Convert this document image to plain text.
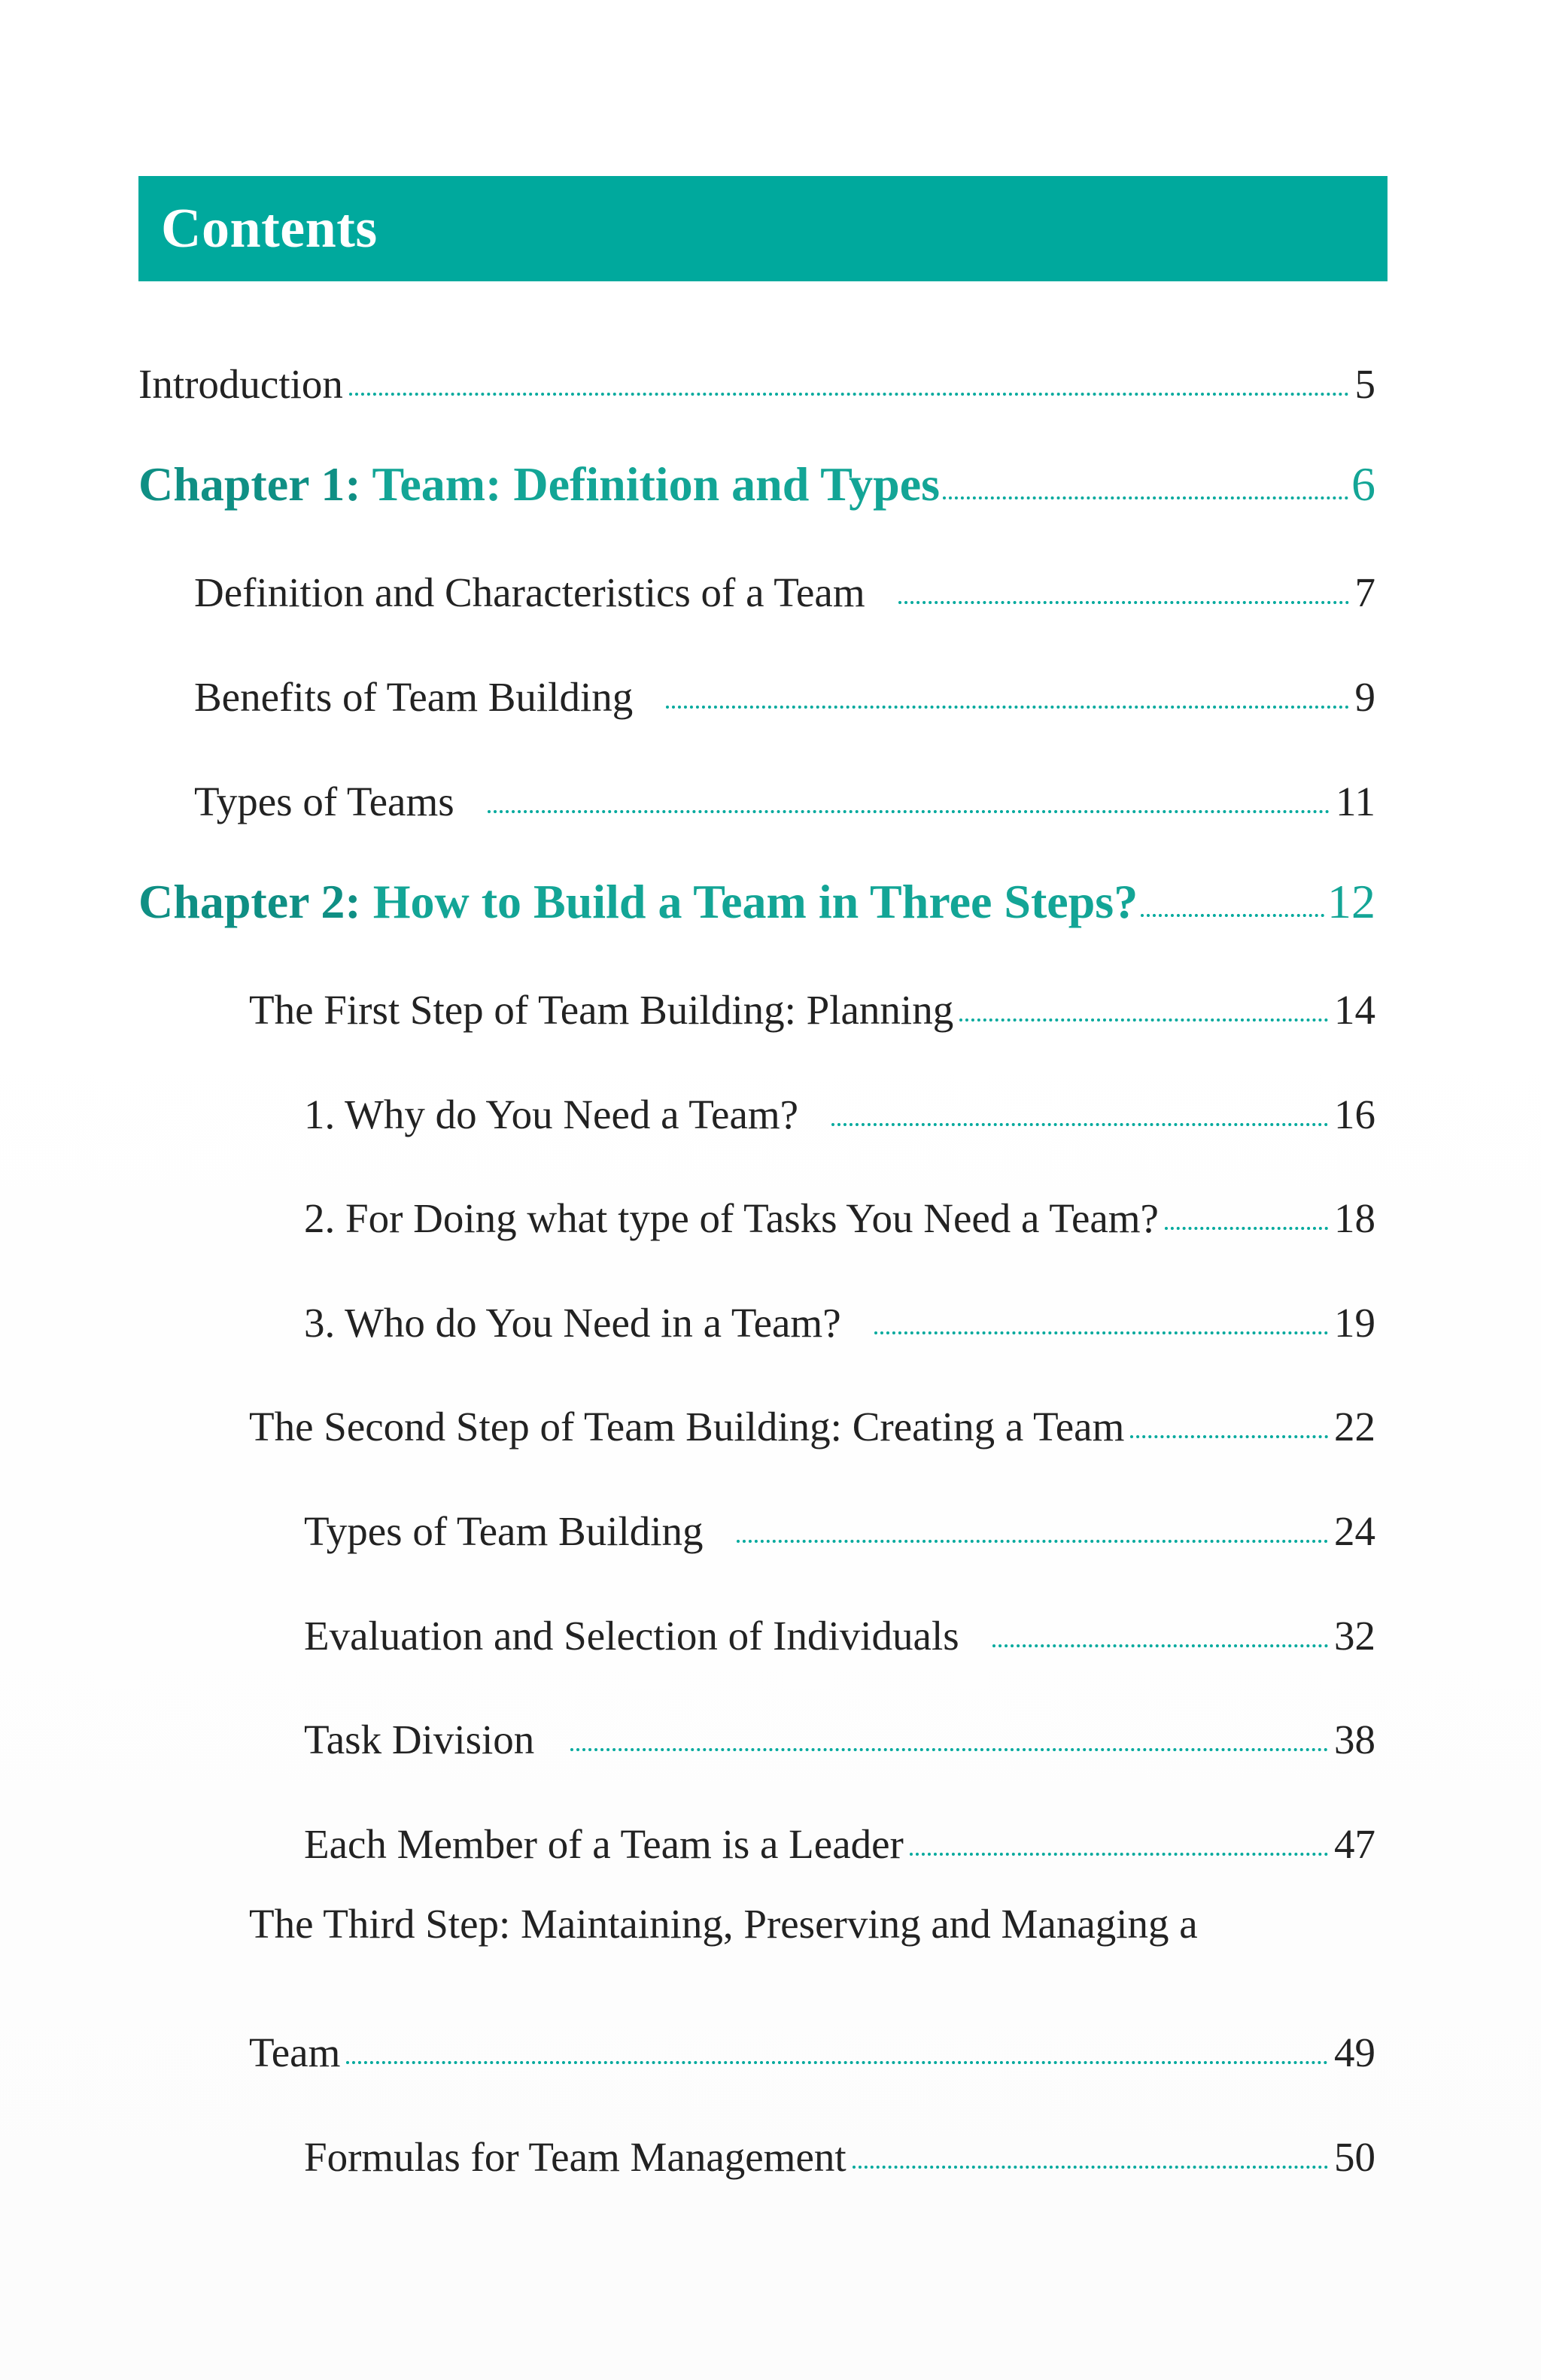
Contents
Introduction	5
Chapter 1: Team: Definition and Types	6
Definition and Characteristics of a Team	7
Benefits of Team Building	9
Types of Teams	11
Chapter 2: How to Build a Team in Three Steps?	12
The First Step of Team Building: Planning	14
1. Why do You Need a Team?	16
2. For Doing what type of Tasks You Need a Team?	18
3. Who do You Need in a Team?	19
The Second Step of Team Building: Creating a Team	22
Types of Team Building	24
Evaluation and Selection of Individuals	32
Task Division	38
Each Member of a Team is a Leader	47
The Third Step: Maintaining, Preserving and Managing a
Team	49
Formulas for Team Management	50
